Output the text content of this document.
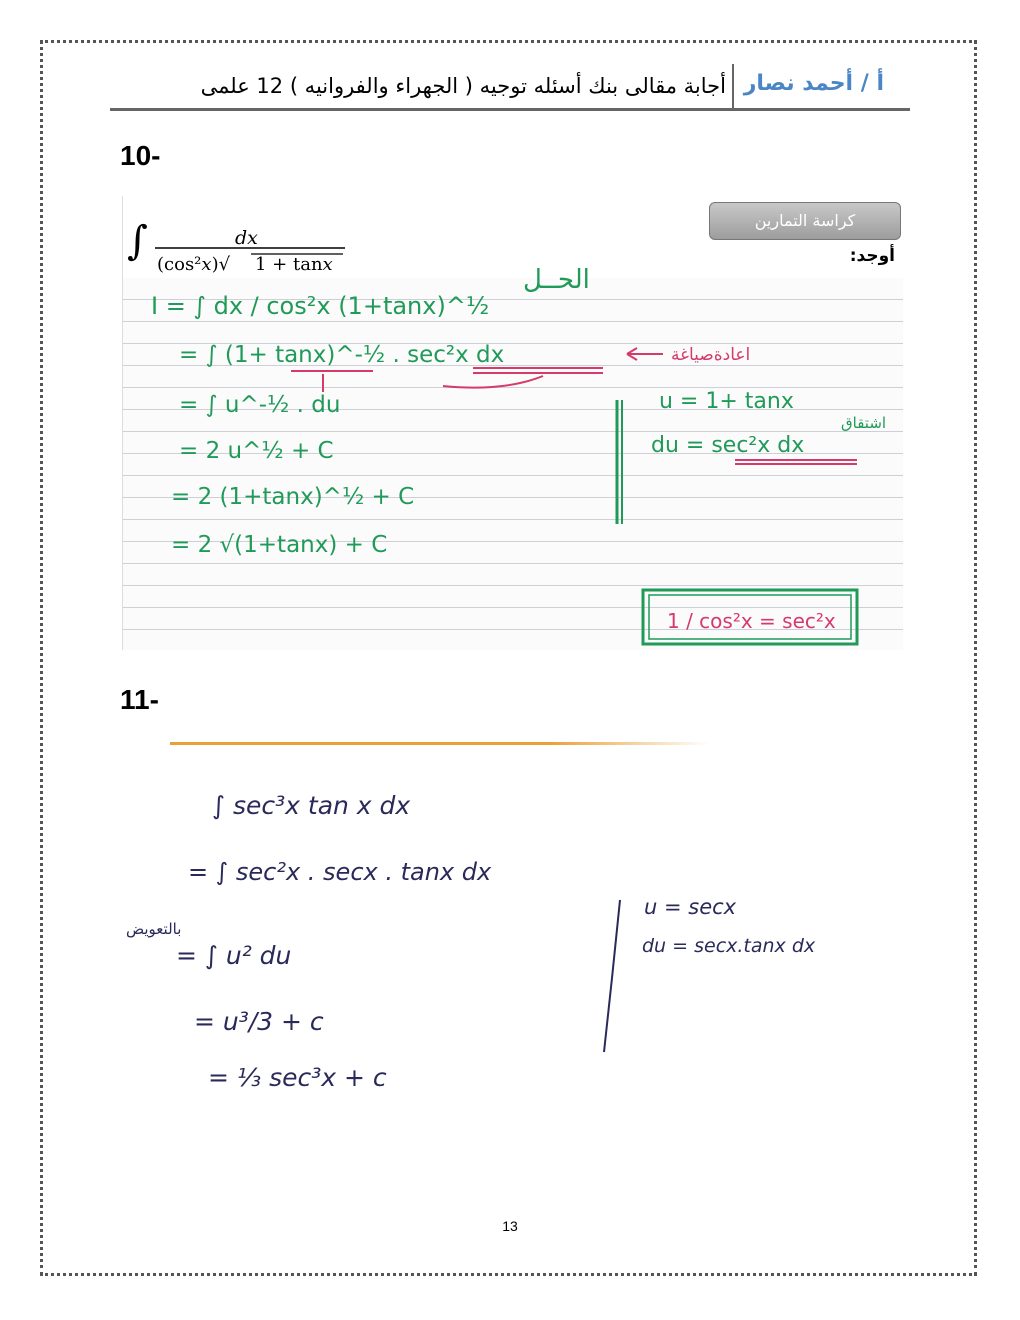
أجابة مقالى بنك أسئله توجيه ( الجهراء والفروانيه ) 12 علمى أ / أحمد نصار
10-
كراسة التمارين
أوجد:
∫	dx
(cos²x)√ 1 + tanx
الحــل
I = ∫ dx / cos²x (1+tanx)^½
= ∫ (1+ tanx)^-½ . sec²x dx	اعادةصياغة
= ∫ u^-½ . du
= 2 u^½ + C
= 2 (1+tanx)^½ + C
= 2 √(1+tanx) + C
u = 1+ tanx
اشتقاق
du = sec²x dx
1 / cos²x = sec²x
11-
∫ sec³x tan x dx
= ∫ sec²x . secx . tanx dx
بالتعويض
= ∫ u² du
= u³/3 + c
= ⅓ sec³x + c
u = secx
du = secx.tanx dx
13
